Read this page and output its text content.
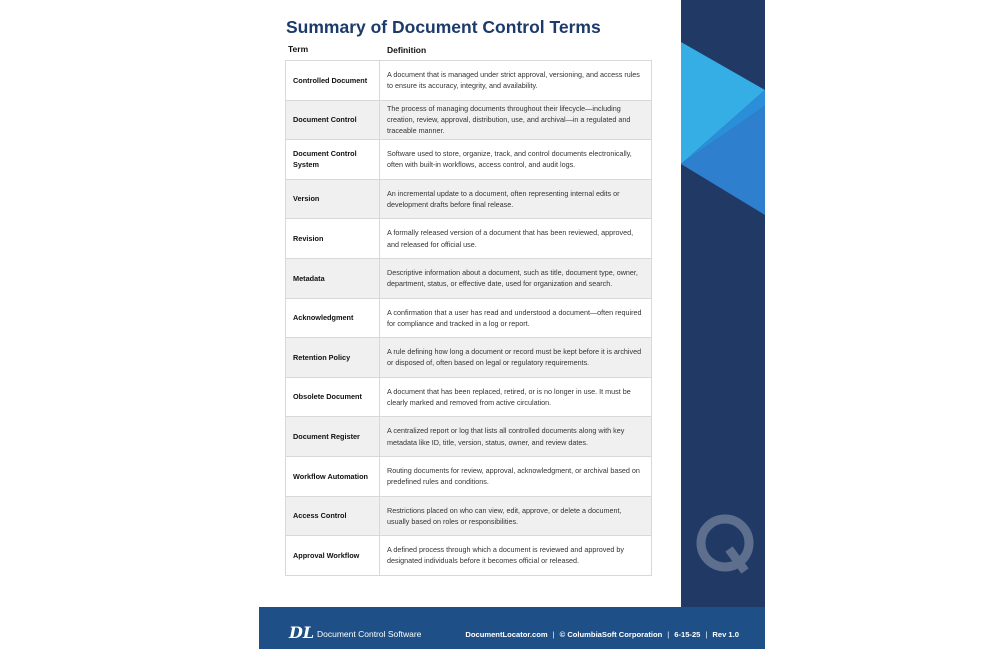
Summary of Document Control Terms
Term	Definition
Controlled Document	A document that is managed under strict approval, versioning, and access rules to ensure its accuracy, integrity, and availability.
Document Control	The process of managing documents throughout their lifecycle—including creation, review, approval, distribution, use, and archival—in a regulated and traceable manner.
Document Control System	Software used to store, organize, track, and control documents electronically, often with built-in workflows, access control, and audit logs.
Version	An incremental update to a document, often representing internal edits or development drafts before final release.
Revision	A formally released version of a document that has been reviewed, approved, and released for official use.
Metadata	Descriptive information about a document, such as title, document type, owner, department, status, or effective date, used for organization and search.
Acknowledgment	A confirmation that a user has read and understood a document—often required for compliance and tracked in a log or report.
Retention Policy	A rule defining how long a document or record must be kept before it is archived or disposed of, often based on legal or regulatory requirements.
Obsolete Document	A document that has been replaced, retired, or is no longer in use. It must be clearly marked and removed from active circulation.
Document Register	A centralized report or log that lists all controlled documents along with key metadata like ID, title, version, status, owner, and review dates.
Workflow Automation	Routing documents for review, approval, acknowledgment, or archival based on predefined rules and conditions.
Access Control	Restrictions placed on who can view, edit, approve, or delete a document, usually based on roles or responsibilities.
Approval Workflow	A defined process through which a document is reviewed and approved by designated individuals before it becomes official or released.
DL Document Control Software	DocumentLocator.com | © ColumbiaSoft Corporation | 6-15-25 | Rev 1.0
